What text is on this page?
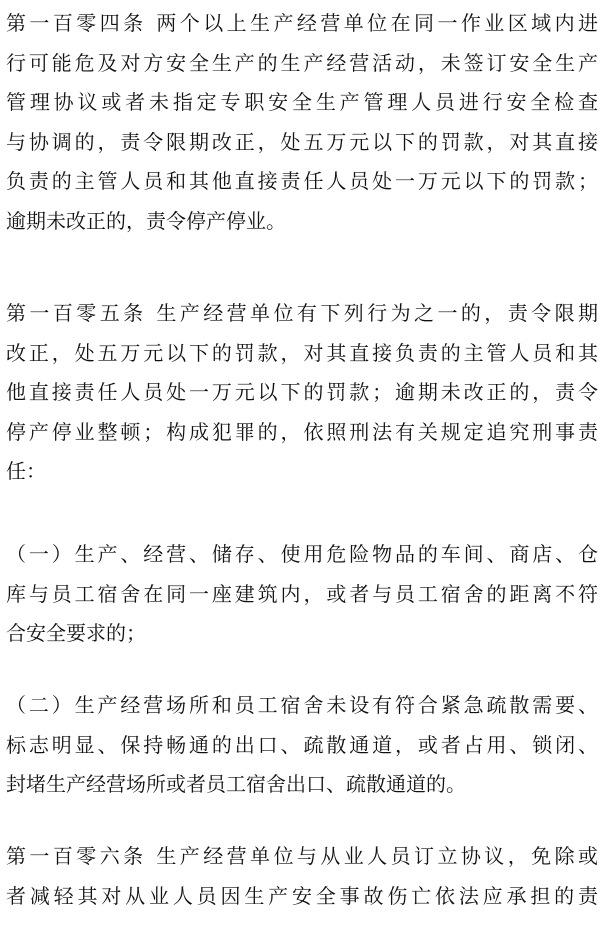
第一百零四条 两个以上生产经营单位在同一作业区域内进
行可能危及对方安全生产的生产经营活动，未签订安全生产
管理协议或者未指定专职安全生产管理人员进行安全检查
与协调的，责令限期改正，处五万元以下的罚款，对其直接
负责的主管人员和其他直接责任人员处一万元以下的罚款；
逾期未改正的，责令停产停业。
第一百零五条 生产经营单位有下列行为之一的，责令限期
改正，处五万元以下的罚款，对其直接负责的主管人员和其
他直接责任人员处一万元以下的罚款；逾期未改正的，责令
停产停业整顿；构成犯罪的，依照刑法有关规定追究刑事责
任：
（一）生产、经营、储存、使用危险物品的车间、商店、仓
库与员工宿舍在同一座建筑内，或者与员工宿舍的距离不符
合安全要求的；
（二）生产经营场所和员工宿舍未设有符合紧急疏散需要、
标志明显、保持畅通的出口、疏散通道，或者占用、锁闭、
封堵生产经营场所或者员工宿舍出口、疏散通道的。
第一百零六条 生产经营单位与从业人员订立协议，免除或
者减轻其对从业人员因生产安全事故伤亡依法应承担的责
